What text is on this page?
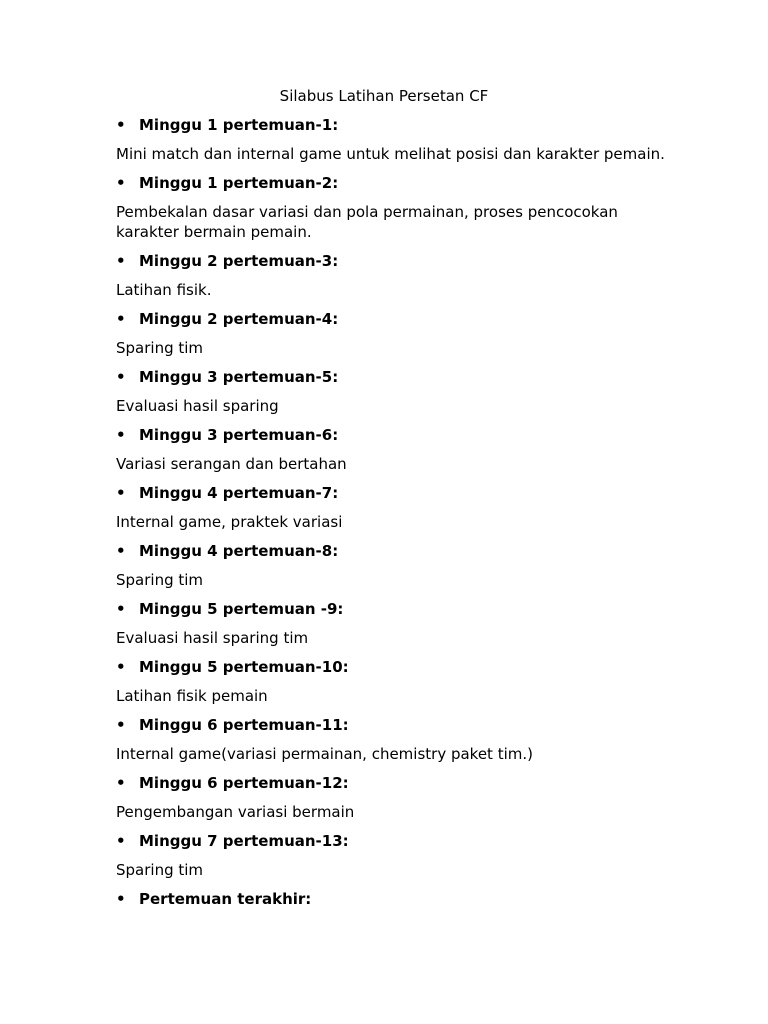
Silabus Latihan Persetan CF
• Minggu 1 pertemuan-1:
Mini match dan internal game untuk melihat posisi dan karakter pemain.
• Minggu 1 pertemuan-2:
Pembekalan dasar variasi dan pola permainan, proses pencocokan karakter bermain pemain.
• Minggu 2 pertemuan-3:
Latihan fisik.
• Minggu 2 pertemuan-4:
Sparing tim
• Minggu 3 pertemuan-5:
Evaluasi hasil sparing
• Minggu 3 pertemuan-6:
Variasi serangan dan bertahan
• Minggu 4 pertemuan-7:
Internal game, praktek variasi
• Minggu 4 pertemuan-8:
Sparing tim
• Minggu 5 pertemuan -9:
Evaluasi hasil sparing tim
• Minggu 5 pertemuan-10:
Latihan fisik pemain
• Minggu 6 pertemuan-11:
Internal game(variasi permainan, chemistry paket tim.)
• Minggu 6 pertemuan-12:
Pengembangan variasi bermain
• Minggu 7 pertemuan-13:
Sparing tim
• Pertemuan terakhir:
